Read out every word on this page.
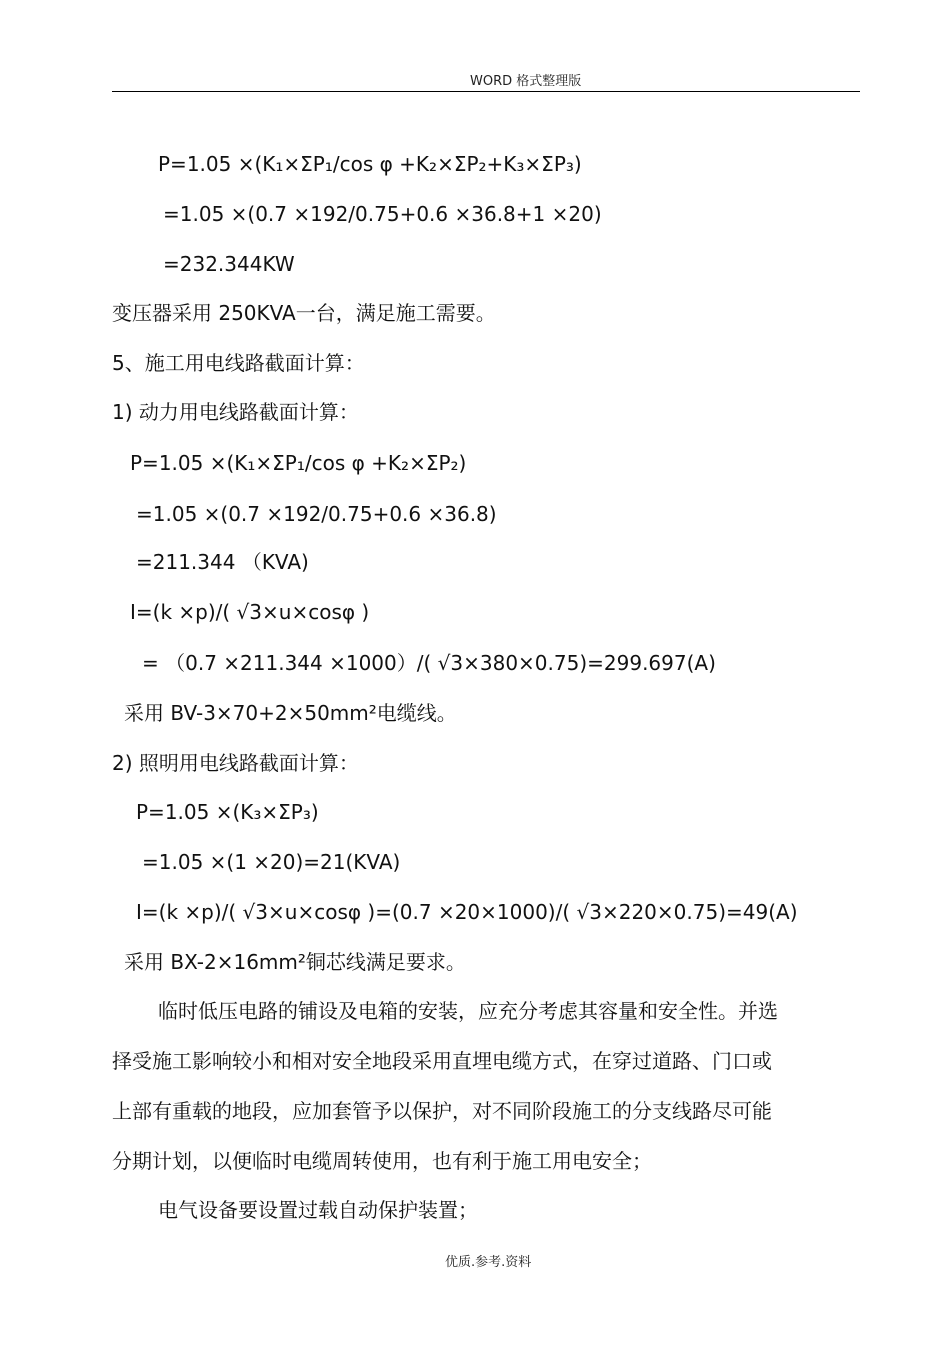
WORD 格式整理版
P=1.05 ×(K₁×ΣP₁/cos φ +K₂×ΣP₂+K₃×ΣP₃)
=1.05 ×(0.7 ×192/0.75+0.6 ×36.8+1 ×20)
=232.344KW
变压器采用 250KVA一台，满足施工需要。
5、施工用电线路截面计算：
1) 动力用电线路截面计算：
P=1.05 ×(K₁×ΣP₁/cos φ +K₂×ΣP₂)
=1.05 ×(0.7 ×192/0.75+0.6 ×36.8)
=211.344 （KVA)
I=(k ×p)/( √3×u×cosφ )
= （0.7 ×211.344 ×1000）/( √3×380×0.75)=299.697(A)
采用 BV-3×70+2×50mm²电缆线。
2) 照明用电线路截面计算：
P=1.05 ×(K₃×ΣP₃)
=1.05 ×(1 ×20)=21(KVA)
I=(k ×p)/( √3×u×cosφ )=(0.7 ×20×1000)/( √3×220×0.75)=49(A)
采用 BX-2×16mm²铜芯线满足要求。
临时低压电路的铺设及电箱的安装，应充分考虑其容量和安全性。并选
择受施工影响较小和相对安全地段采用直埋电缆方式，在穿过道路、门口或
上部有重载的地段，应加套管予以保护，对不同阶段施工的分支线路尽可能
分期计划，以便临时电缆周转使用，也有利于施工用电安全；
电气设备要设置过载自动保护装置；
优质.参考.资料
